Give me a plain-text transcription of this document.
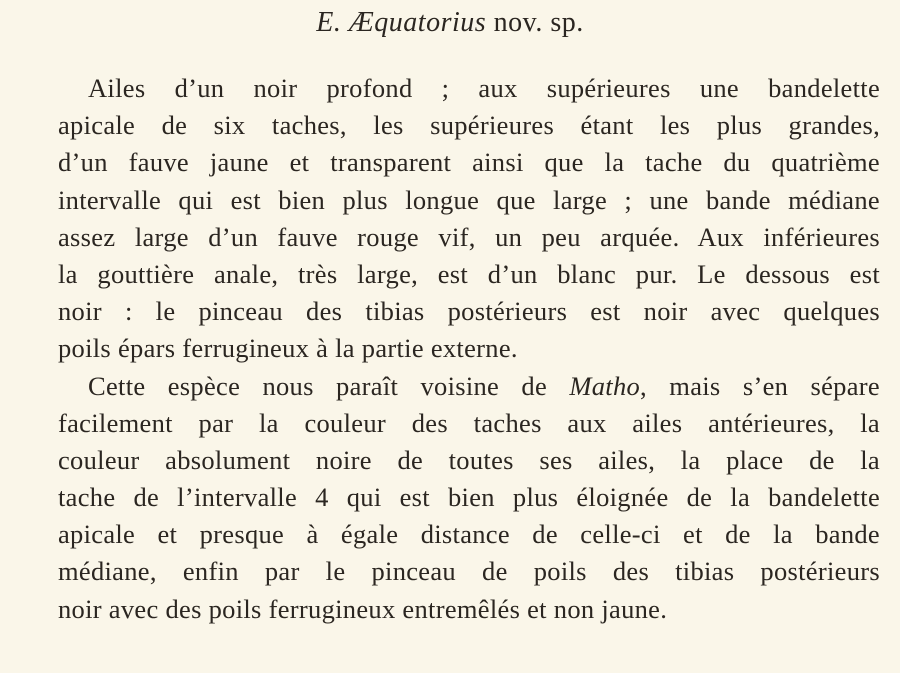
E. Æquatorius nov. sp.
Ailes d’un noir profond ; aux supérieures une bandelette
apicale de six taches, les supérieures étant les plus grandes,
d’un fauve jaune et transparent ainsi que la tache du quatrième
intervalle qui est bien plus longue que large ; une bande médiane
assez large d’un fauve rouge vif, un peu arquée. Aux inférieures
la gouttière anale, très large, est d’un blanc pur. Le dessous est
noir : le pinceau des tibias postérieurs est noir avec quelques
poils épars ferrugineux à la partie externe.
Cette espèce nous paraît voisine de Matho, mais s’en sépare
facilement par la couleur des taches aux ailes antérieures, la
couleur absolument noire de toutes ses ailes, la place de la
tache de l’intervalle 4 qui est bien plus éloignée de la bandelette
apicale et presque à égale distance de celle-ci et de la bande
médiane, enfin par le pinceau de poils des tibias postérieurs
noir avec des poils ferrugineux entremêlés et non jaune.
